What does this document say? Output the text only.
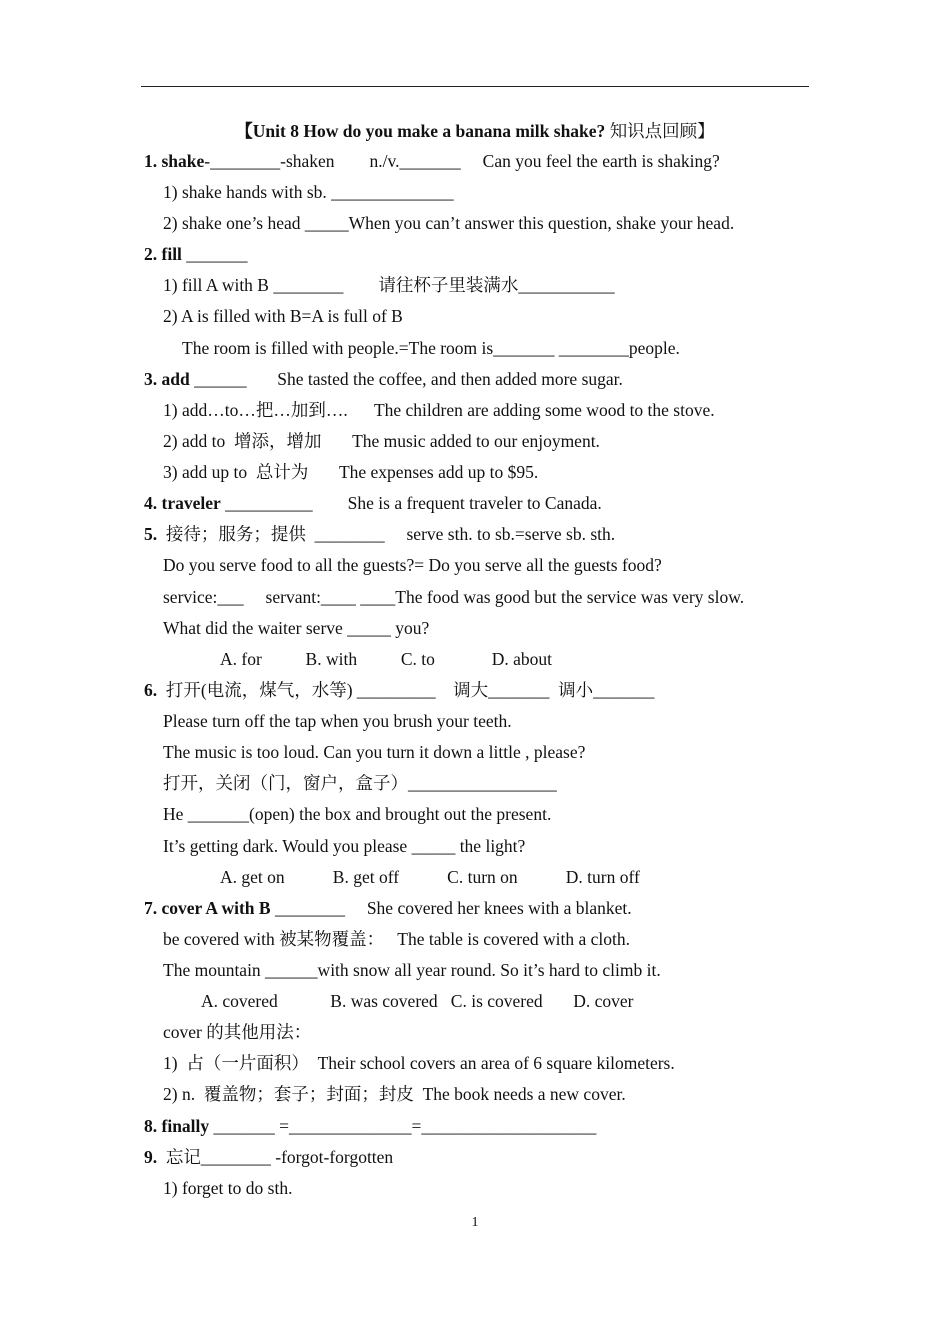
【Unit 8 How do you make a banana milk shake? 知识点回顾】
1. shake-________-shaken        n./v._______     Can you feel the earth is shaking?
1) shake hands with sb. ______________
2) shake one’s head _____When you can’t answer this question, shake your head.
2. fill _______
1) fill A with B ________        请往杯子里装满水___________
2) A is filled with B=A is full of B
The room is filled with people.=The room is_______ ________people.
3. add ______       She tasted the coffee, and then added more sugar.
1) add…to…把…加到….      The children are adding some wood to the stove.
2) add to  增添，增加       The music added to our enjoyment.
3) add up to  总计为       The expenses add up to $95.
4. traveler __________        She is a frequent traveler to Canada.
5.  接待；服务；提供  ________     serve sth. to sb.=serve sb. sth.
Do you serve food to all the guests?= Do you serve all the guests food?
service:___     servant:____ ____The food was good but the service was very slow.
What did the waiter serve _____ you?
A. for          B. with          C. to             D. about
6.  打开(电流，煤气，水等) _________    调大_______  调小_______
Please turn off the tap when you brush your teeth.
The music is too loud. Can you turn it down a little , please?
打开，关闭（门，窗户，盒子）_________________
He _______(open) the box and brought out the present.
It’s getting dark. Would you please _____ the light?
A. get on           B. get off           C. turn on           D. turn off
7. cover A with B ________     She covered her knees with a blanket.
be covered with 被某物覆盖：   The table is covered with a cloth.
The mountain ______with snow all year round. So it’s hard to climb it.
A. covered            B. was covered   C. is covered       D. cover
cover 的其他用法：
1)  占（一片面积）  Their school covers an area of 6 square kilometers.
2) n.  覆盖物；套子；封面；封皮  The book needs a new cover.
8. finally _______ =______________=____________________
9.  忘记________ -forgot-forgotten
1) forget to do sth.
1
